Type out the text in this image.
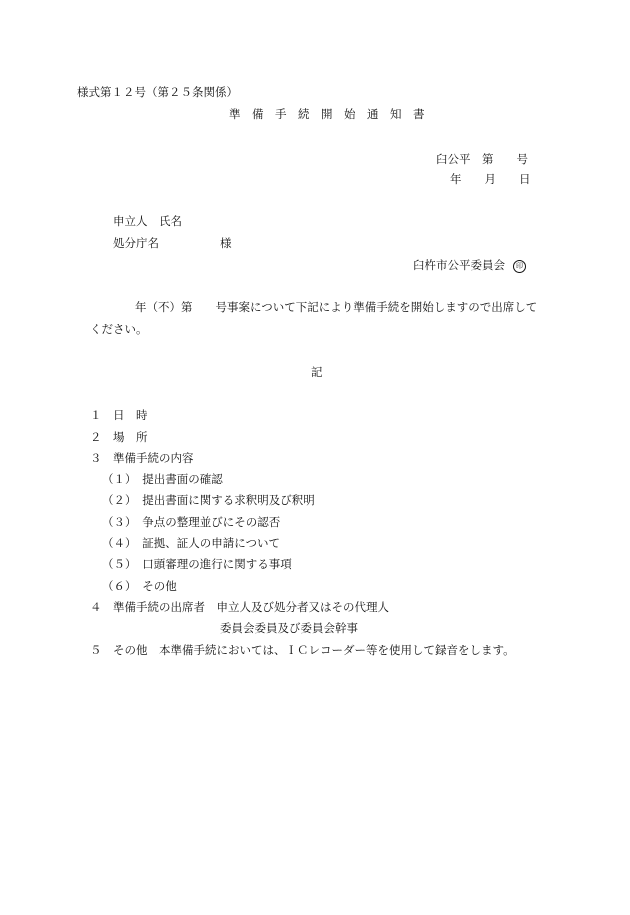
様式第１２号（第２５条関係）
準　備　手　続　開　始　通　知　書
臼公平　第　　号
年　　月　　日
申立人　氏名
処分庁名	様
臼杵市公平委員会 印
年（不）第　　号事案について下記により準備手続を開始しますので出席して
ください。
記
１　日　時
２　場　所
３　準備手続の内容
（１）　提出書面の確認
（２）　提出書面に関する求釈明及び釈明
（３）　争点の整理並びにその認否
（４）　証拠、証人の申請について
（５）　口頭審理の進行に関する事項
（６）　その他
４　準備手続の出席者　申立人及び処分者又はその代理人
委員会委員及び委員会幹事
５　その他　本準備手続においては、ＩＣレコーダー等を使用して録音をします。
